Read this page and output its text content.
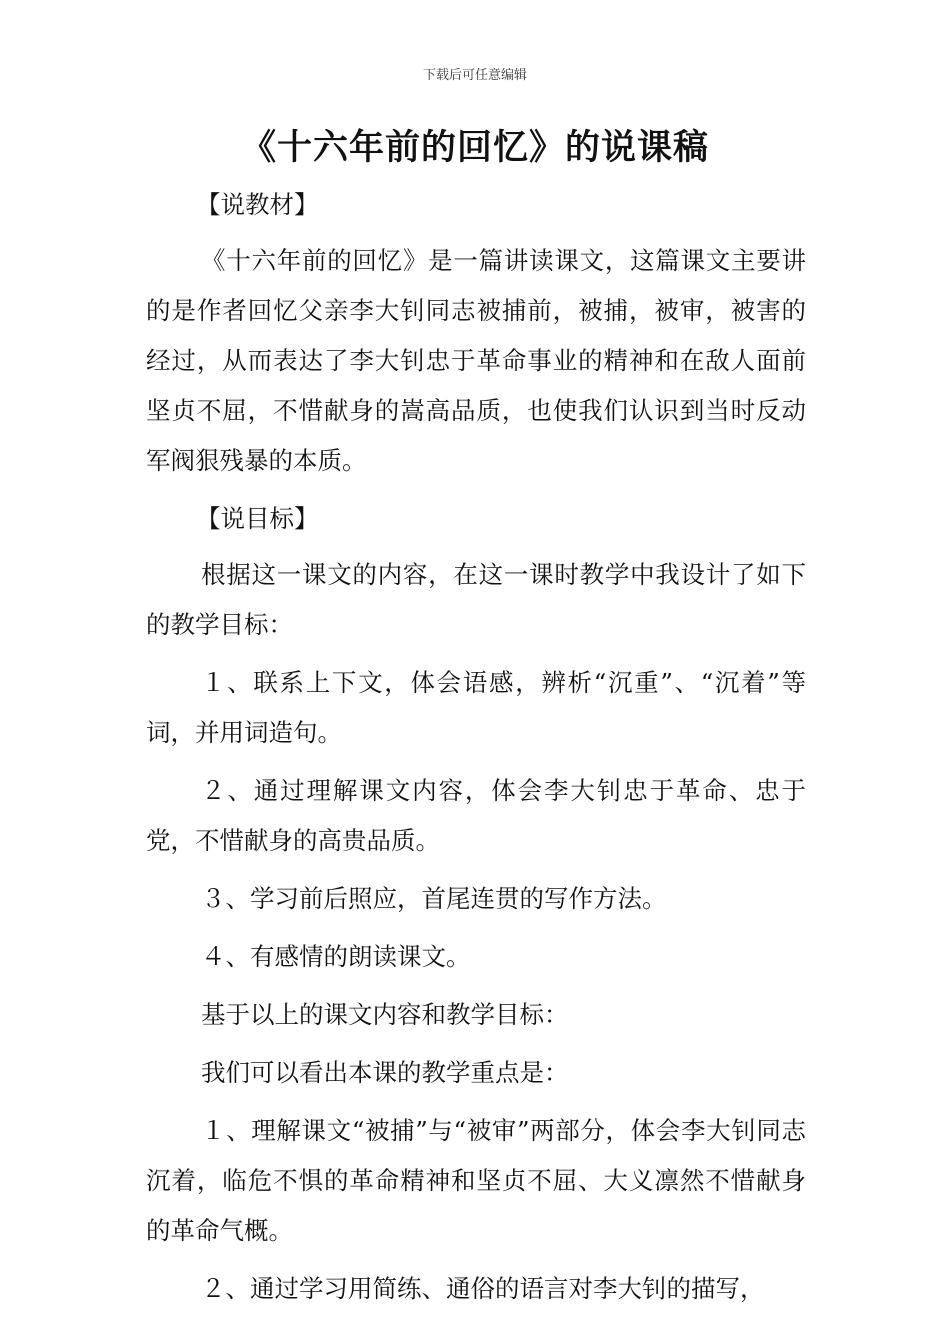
下载后可任意编辑
《十六年前的回忆》的说课稿

【说教材】

《十六年前的回忆》是一篇讲读课文，这篇课文主要讲的是作者回忆父亲李大钊同志被捕前，被捕，被审，被害的经过，从而表达了李大钊忠于革命事业的精神和在敌人面前坚贞不屈，不惜献身的嵩高品质，也使我们认识到当时反动军阀狠残暴的本质。

【说目标】

根据这一课文的内容，在这一课时教学中我设计了如下的教学目标：

１、联系上下文，体会语感，辨析“沉重”、“沉着”等词，并用词造句。

２、通过理解课文内容，体会李大钊忠于革命、忠于党，不惜献身的高贵品质。

３、学习前后照应，首尾连贯的写作方法。

４、有感情的朗读课文。

基于以上的课文内容和教学目标：

我们可以看出本课的教学重点是：

１、理解课文“被捕”与“被审”两部分，体会李大钊同志沉着，临危不惧的革命精神和坚贞不屈、大义凛然不惜献身的革命气概。

２、通过学习用简练、通俗的语言对李大钊的描写，
